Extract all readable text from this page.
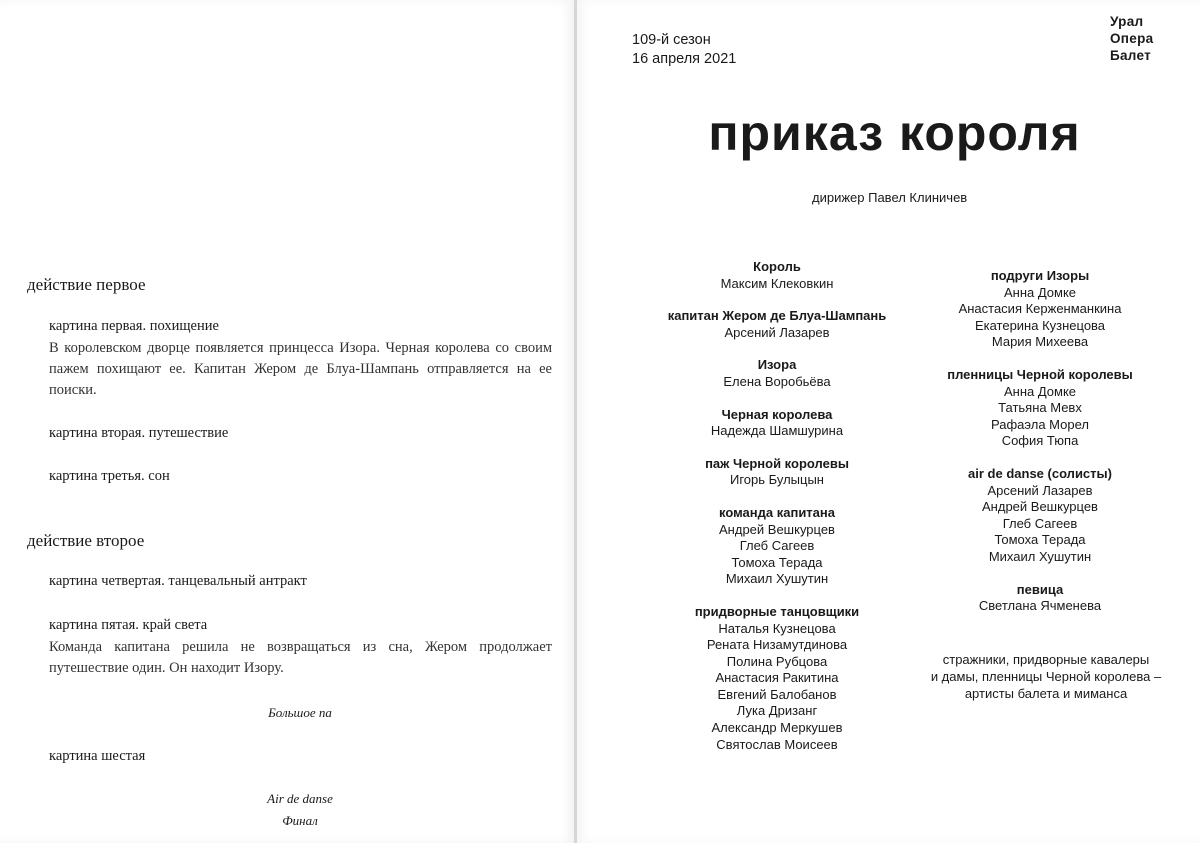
действие первое
картина первая. похищение
В королевском дворце появляется принцесса Изора. Черная королева со своим пажем похищают ее. Капитан Жером де Блуа-Шампань отправляется на ее поиски.
картина вторая. путешествие
картина третья. сон
действие второе
картина четвертая. танцевальный антракт
картина пятая. край света
Команда капитана решила не возвращаться из сна, Жером продолжает путешествие один. Он находит Изору.
Большое па
картина шестая
Air de danse
Финал
109-й сезон
16 апреля 2021
Урал
Опера
Балет
приказ короля
дирижер Павел Клиничев
Король
Максим Клековкин
капитан Жером де Блуа-Шампань
Арсений Лазарев
Изора
Елена Воробьёва
Черная королева
Надежда Шамшурина
паж Черной королевы
Игорь Булыцын
команда капитана
Андрей Вешкурцев
Глеб Сагеев
Томоха Терада
Михаил Хушутин
придворные танцовщики
Наталья Кузнецова
Рената Низамутдинова
Полина Рубцова
Анастасия Ракитина
Евгений Балобанов
Лука Дризанг
Александр Меркушев
Святослав Моисеев
подруги Изоры
Анна Домке
Анастасия Керженманкина
Екатерина Кузнецова
Мария Михеева
пленницы Черной королевы
Анна Домке
Татьяна Мевх
Рафаэла Морел
София Тюпа
air de danse (солисты)
Арсений Лазарев
Андрей Вешкурцев
Глеб Сагеев
Томоха Терада
Михаил Хушутин
певица
Светлана Ячменева
стражники, придворные кавалеры
и дамы, пленницы Черной королева –
артисты балета и миманса
